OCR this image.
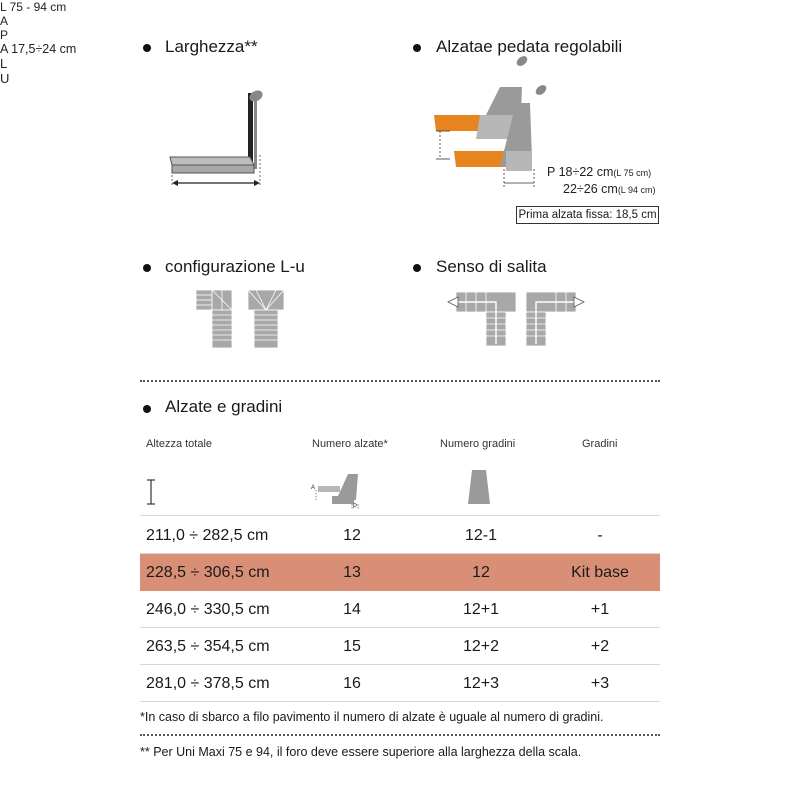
Larghezza**
L 75 - 94 cm
Alzatae pedata regolabili
A
P
A 17,5÷24 cm
P 18÷22 cm(L 75 cm)
22÷26 cm(L 94 cm)
Prima alzata fissa: 18,5 cm
configurazione L-u
L
U
Senso di salita
Alzate e gradini
Altezza totale	Numero alzate*	Numero gradini	Gradini
A
P
211,0 ÷ 282,5 cm	12	12-1	-
228,5 ÷ 306,5 cm	13	12	Kit base
246,0 ÷ 330,5 cm	14	12+1	+1
263,5 ÷ 354,5 cm	15	12+2	+2
281,0 ÷ 378,5 cm	16	12+3	+3
*In caso di sbarco a filo pavimento il numero di alzate è uguale al numero di gradini.
** Per Uni Maxi 75 e 94, il foro deve essere superiore alla larghezza della scala.
